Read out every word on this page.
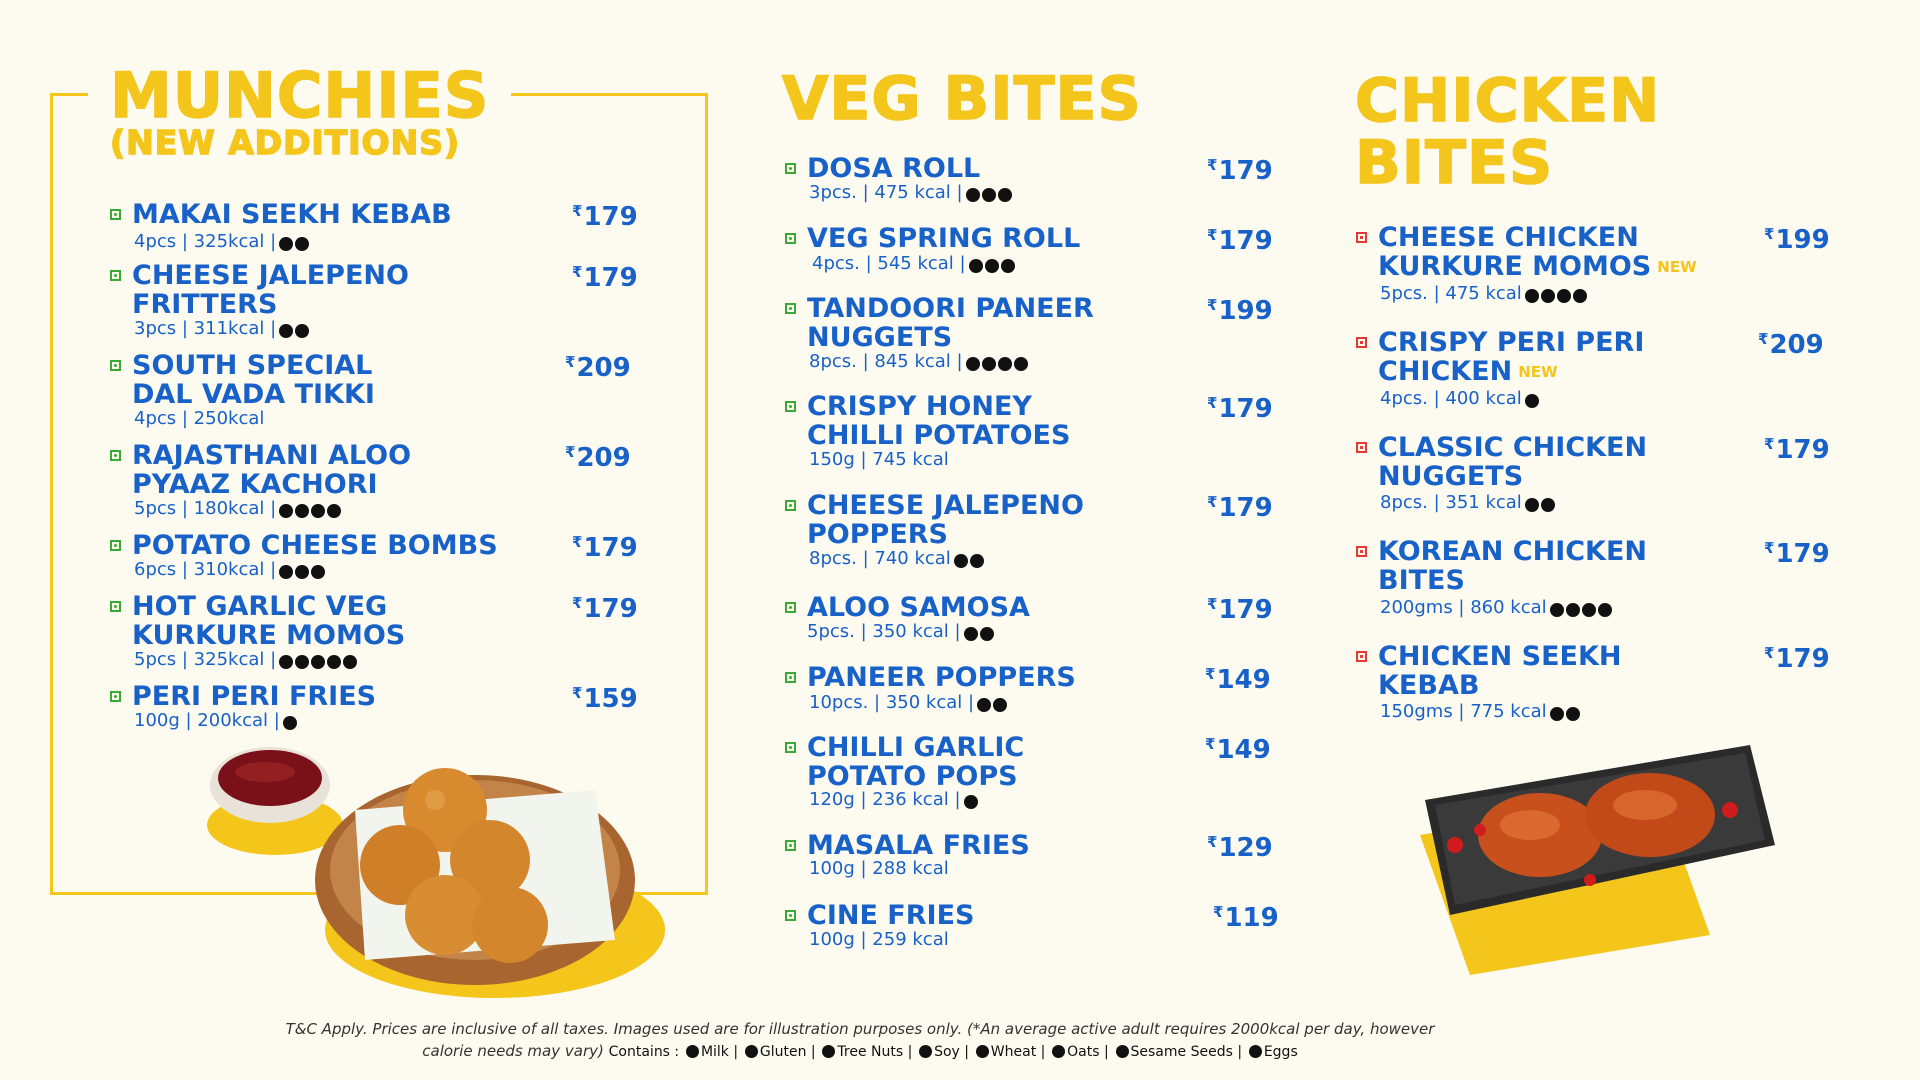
MUNCHIES
(NEW ADDITIONS)
MAKAI SEEKH KEBAB
4pcs | 325kcal |
₹179
CHEESE JALEPENO FRITTERS
3pcs | 311kcal |
₹179
SOUTH SPECIAL DAL VADA TIKKI
4pcs | 250kcal
₹209
RAJASTHANI ALOO PYAAZ KACHORI
5pcs | 180kcal |
₹209
POTATO CHEESE BOMBS
6pcs | 310kcal |
₹179
HOT GARLIC VEG KURKURE MOMOS
5pcs | 325kcal |
₹179
PERI PERI FRIES
100g | 200kcal |
₹159
VEG BITES
DOSA ROLL
3pcs. | 475 kcal |
₹179
VEG SPRING ROLL
4pcs. | 545 kcal |
₹179
TANDOORI PANEER NUGGETS
8pcs. | 845 kcal |
₹199
CRISPY HONEY CHILLI POTATOES
150g | 745 kcal
₹179
CHEESE JALEPENO POPPERS
8pcs. | 740 kcal
₹179
ALOO SAMOSA
5pcs. | 350 kcal |
₹179
PANEER POPPERS
10pcs. | 350 kcal |
₹149
CHILLI GARLIC POTATO POPS
120g | 236 kcal |
₹149
MASALA FRIES
100g | 288 kcal
₹129
CINE FRIES
100g | 259 kcal
₹119
CHICKEN
BITES
CHEESE CHICKEN
KURKURE MOMOS NEW
5pcs. | 475 kcal
₹199
CRISPY PERI PERI
CHICKEN NEW
4pcs. | 400 kcal
₹209
CLASSIC CHICKEN
NUGGETS
8pcs. | 351 kcal
₹179
KOREAN CHICKEN
BITES
200gms | 860 kcal
₹179
CHICKEN SEEKH
KEBAB
150gms | 775 kcal
₹179
T&C Apply. Prices are inclusive of all taxes. Images used are for illustration purposes only. (*An average active adult requires 2000kcal per day, however
calorie needs may vary) Contains : Milk | Gluten | Tree Nuts | Soy | Wheat | Oats | Sesame Seeds | Eggs
